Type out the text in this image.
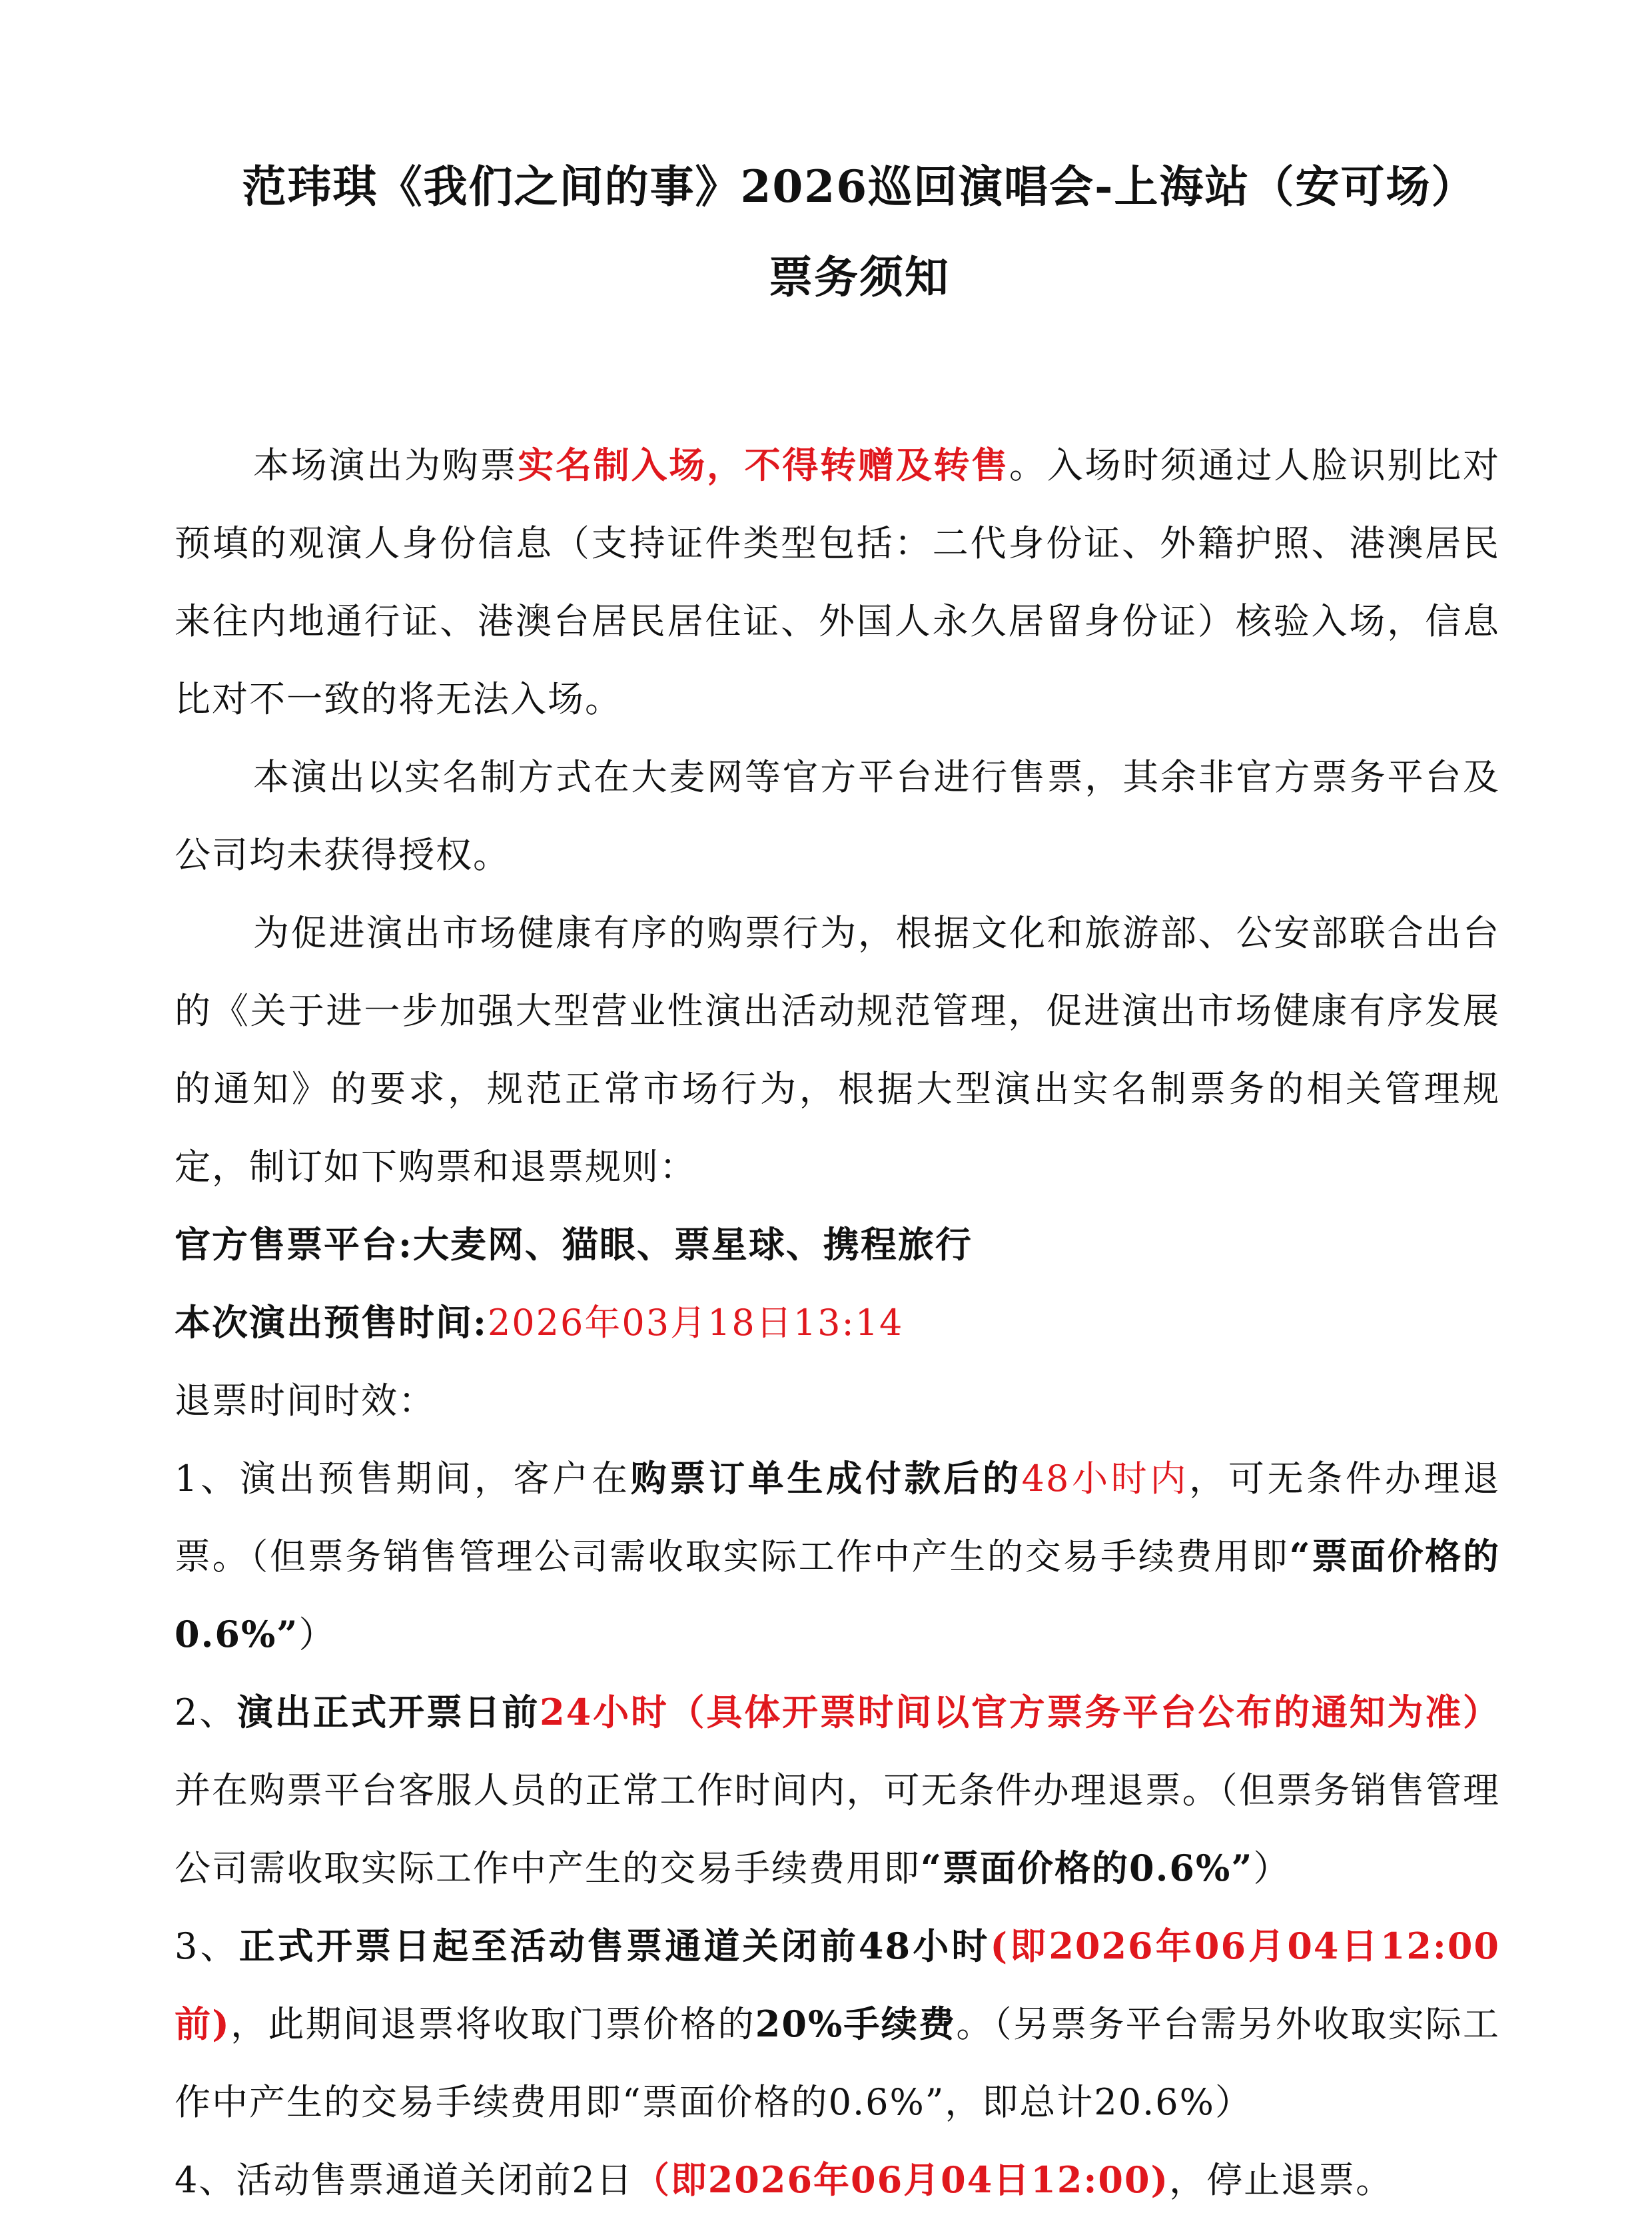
范玮琪《我们之间的事》2026巡回演唱会-上海站（安可场）
票务须知

本场演出为购票实名制入场，不得转赠及转售。入场时须通过人脸识别比对预填的观演人身份信息（支持证件类型包括：二代身份证、外籍护照、港澳居民来往内地通行证、港澳台居民居住证、外国人永久居留身份证）核验入场，信息比对不一致的将无法入场。

本演出以实名制方式在大麦网等官方平台进行售票，其余非官方票务平台及公司均未获得授权。

为促进演出市场健康有序的购票行为，根据文化和旅游部、公安部联合出台的《关于进一步加强大型营业性演出活动规范管理，促进演出市场健康有序发展的通知》的要求，规范正常市场行为，根据大型演出实名制票务的相关管理规定，制订如下购票和退票规则：

官方售票平台:大麦网、猫眼、票星球、携程旅行

本次演出预售时间:2026年03月18日13:14

退票时间时效：

1、演出预售期间，客户在购票订单生成付款后的48小时内，可无条件办理退票。（但票务销售管理公司需收取实际工作中产生的交易手续费用即“票面价格的0.6%”）

2、演出正式开票日前24小时（具体开票时间以官方票务平台公布的通知为准）并在购票平台客服人员的正常工作时间内，可无条件办理退票。（但票务销售管理公司需收取实际工作中产生的交易手续费用即“票面价格的0.6%”）

3、正式开票日起至活动售票通道关闭前48小时(即2026年06月04日12:00前)，此期间退票将收取门票价格的20%手续费。（另票务平台需另外收取实际工作中产生的交易手续费用即“票面价格的0.6%”，即总计20.6%）

4、活动售票通道关闭前2日（即2026年06月04日12:00)，停止退票。
